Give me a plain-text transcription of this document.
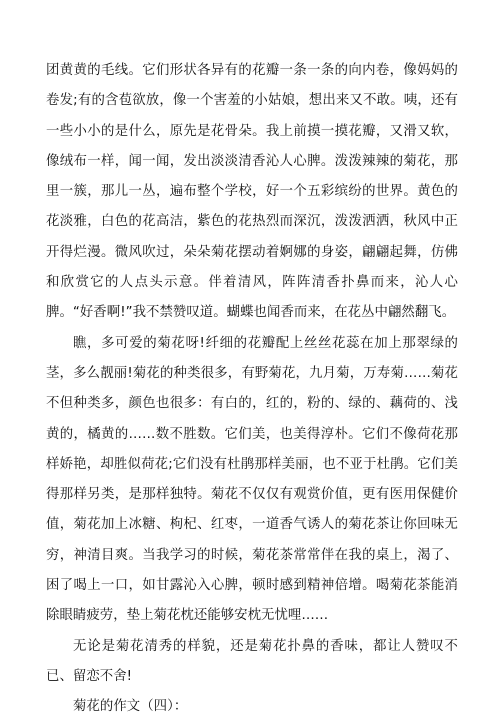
团黄黄的毛线。它们形状各异有的花瓣一条一条的向内卷，像妈妈的卷发;有的含苞欲放，像一个害羞的小姑娘，想出来又不敢。咦，还有一些小小的是什么，原先是花骨朵。我上前摸一摸花瓣，又滑又软，像绒布一样，闻一闻，发出淡淡清香沁人心脾。泼泼辣辣的菊花，那里一簇，那儿一丛，遍布整个学校，好一个五彩缤纷的世界。黄色的花淡雅，白色的花高洁，紫色的花热烈而深沉，泼泼洒洒，秋风中正开得烂漫。微风吹过，朵朵菊花摆动着婀娜的身姿，翩翩起舞，仿佛和欣赏它的人点头示意。伴着清风，阵阵清香扑鼻而来，沁人心脾。“好香啊!”我不禁赞叹道。蝴蝶也闻香而来，在花丛中翩然翻飞。

瞧，多可爱的菊花呀!纤细的花瓣配上丝丝花蕊在加上那翠绿的茎，多么靓丽!菊花的种类很多，有野菊花，九月菊，万寿菊……菊花不但种类多，颜色也很多：有白的，红的，粉的、绿的、藕荷的、浅黄的，橘黄的……数不胜数。它们美，也美得淳朴。它们不像荷花那样娇艳，却胜似荷花;它们没有杜鹃那样美丽，也不亚于杜鹃。它们美得那样另类，是那样独特。菊花不仅仅有观赏价值，更有医用保健价值，菊花加上冰糖、枸杞、红枣，一道香气诱人的菊花茶让你回味无穷，神清目爽。当我学习的时候，菊花茶常常伴在我的桌上，渴了、困了喝上一口，如甘露沁入心脾，顿时感到精神倍增。喝菊花茶能消除眼睛疲劳，垫上菊花枕还能够安枕无忧哩……

无论是菊花清秀的样貌，还是菊花扑鼻的香味，都让人赞叹不已、留恋不舍!

菊花的作文（四）：
